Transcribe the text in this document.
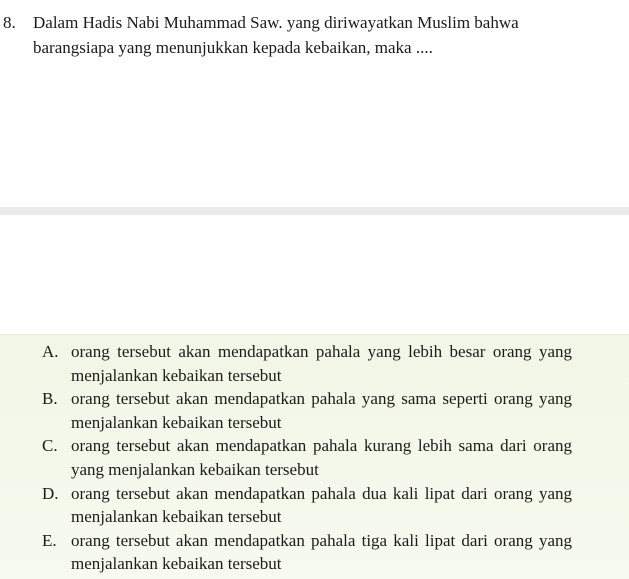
8.	Dalam Hadis Nabi Muhammad Saw. yang diriwayatkan Muslim bahwa barangsiapa yang menunjukkan kepada kebaikan, maka ....
A. orang tersebut akan mendapatkan pahala yang lebih besar orang yang menjalankan kebaikan tersebut
B. orang tersebut akan mendapatkan pahala yang sama seperti orang yang menjalankan kebaikan tersebut
C. orang tersebut akan mendapatkan pahala kurang lebih sama dari orang yang menjalankan kebaikan tersebut
D. orang tersebut akan mendapatkan pahala dua kali lipat dari orang yang menjalankan kebaikan tersebut
E. orang tersebut akan mendapatkan pahala tiga kali lipat dari orang yang menjalankan kebaikan tersebut
